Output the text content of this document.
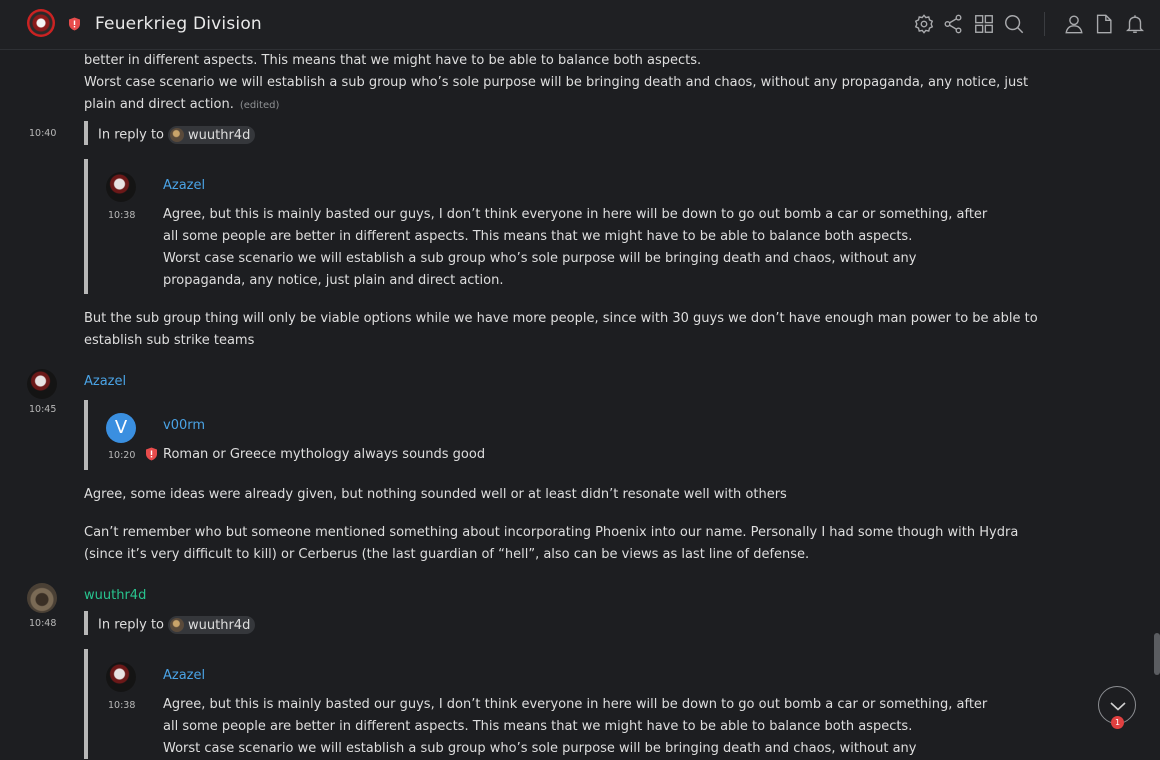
Feuerkrieg Division
better in different aspects. This means that we might have to be able to balance both aspects.
Worst case scenario we will establish a sub group who’s sole purpose will be bringing death and chaos, without any propaganda, any notice, just
plain and direct action. (edited)
10:40	In reply to wuuthr4d
Azazel
10:38 Agree, but this is mainly basted our guys, I don’t think everyone in here will be down to go out bomb a car or something, after
all some people are better in different aspects. This means that we might have to be able to balance both aspects.
Worst case scenario we will establish a sub group who’s sole purpose will be bringing death and chaos, without any
propaganda, any notice, just plain and direct action.
But the sub group thing will only be viable options while we have more people, since with 30 guys we don’t have enough man power to be able to
establish sub strike teams
Azazel
10:45
V	v00rm
10:20 Roman or Greece mythology always sounds good
Agree, some ideas were already given, but nothing sounded well or at least didn’t resonate well with others
Can’t remember who but someone mentioned something about incorporating Phoenix into our name. Personally I had some though with Hydra
(since it’s very difficult to kill) or Cerberus (the last guardian of “hell”, also can be views as last line of defense.
wuuthr4d
10:48	In reply to wuuthr4d
Azazel
10:38 Agree, but this is mainly basted our guys, I don’t think everyone in here will be down to go out bomb a car or something, after
all some people are better in different aspects. This means that we might have to be able to balance both aspects.
Worst case scenario we will establish a sub group who’s sole purpose will be bringing death and chaos, without any
1
